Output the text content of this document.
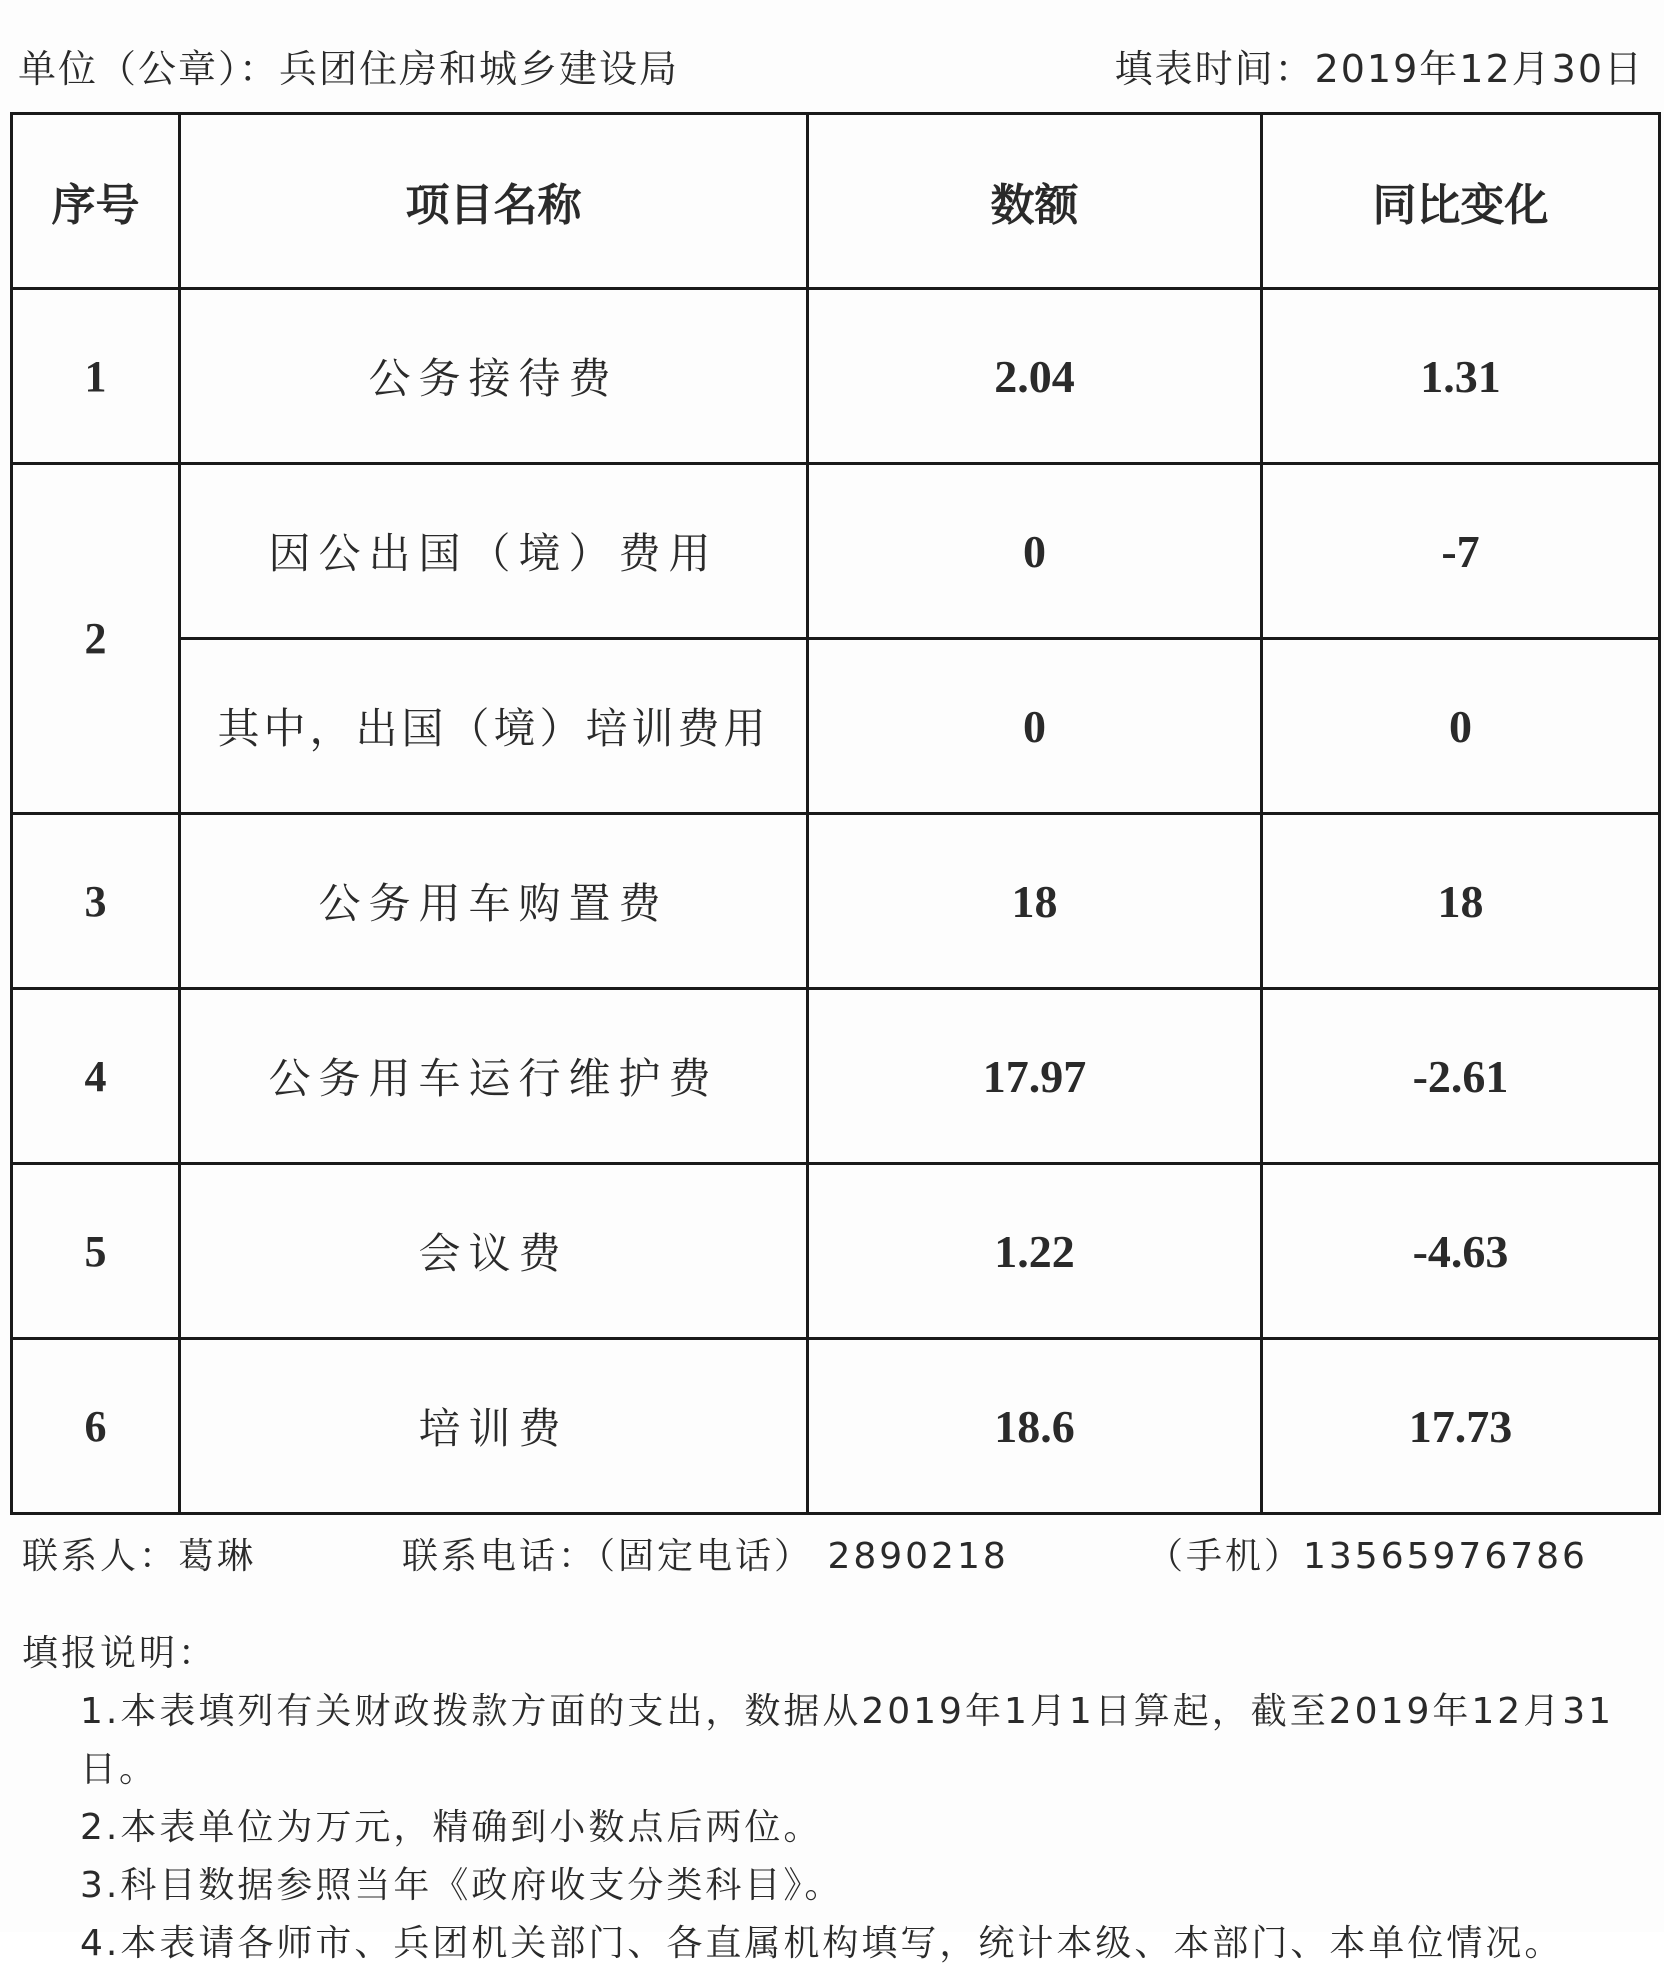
单位（公章）：兵团住房和城乡建设局	填表时间：2019年12月30日
序号	项目名称	数额	同比变化
1	公务接待费	2.04	1.31
2	因公出国（境）费用	0	-7
	其中，出国（境）培训费用	0	0
3	公务用车购置费	18	18
4	公务用车运行维护费	17.97	-2.61
5	会议费	1.22	-4.63
6	培训费	18.6	17.73
联系人：葛琳	联系电话：（固定电话） 2890218	（手机）13565976786
填报说明：
1.本表填列有关财政拨款方面的支出，数据从2019年1月1日算起，截至2019年12月31日。
2.本表单位为万元，精确到小数点后两位。
3.科目数据参照当年《政府收支分类科目》。
4.本表请各师市、兵团机关部门、各直属机构填写，统计本级、本部门、本单位情况。
